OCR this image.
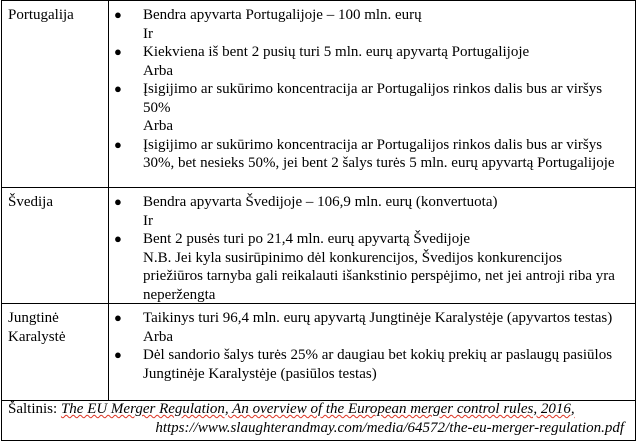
Portugalija	● Bendra apyvarta Portugalijoje – 100 mln. eurų
Ir
● Kiekviena iš bent 2 pusių turi 5 mln. eurų apyvartą Portugalijoje
Arba
● Įsigijimo ar sukūrimo koncentracija ar Portugalijos rinkos dalis bus ar viršys 50%
Arba
● Įsigijimo ar sukūrimo koncentracija ar Portugalijos rinkos dalis bus ar viršys 30%, bet nesieks 50%, jei bent 2 šalys turės 5 mln. eurų apyvartą Portugalijoje
Švedija	● Bendra apyvarta Švedijoje – 106,9 mln. eurų (konvertuota)
Ir
● Bent 2 pusės turi po 21,4 mln. eurų apyvartą Švedijoje
N.B. Jei kyla susirūpinimo dėl konkurencijos, Švedijos konkurencijos priežiūros tarnyba gali reikalauti išankstinio perspėjimo, net jei antroji riba yra neperžengta
Jungtinė Karalystė
● Taikinys turi 96,4 mln. eurų apyvartą Jungtinėje Karalystėje (apyvartos testas)
Arba
● Dėl sandorio šalys turės 25% ar daugiau bet kokių prekių ar paslaugų pasiūlos Jungtinėje Karalystėje (pasiūlos testas)
Šaltinis: The EU Merger Regulation, An overview of the European merger control rules, 2016,
https://www.slaughterandmay.com/media/64572/the-eu-merger-regulation.pdf
